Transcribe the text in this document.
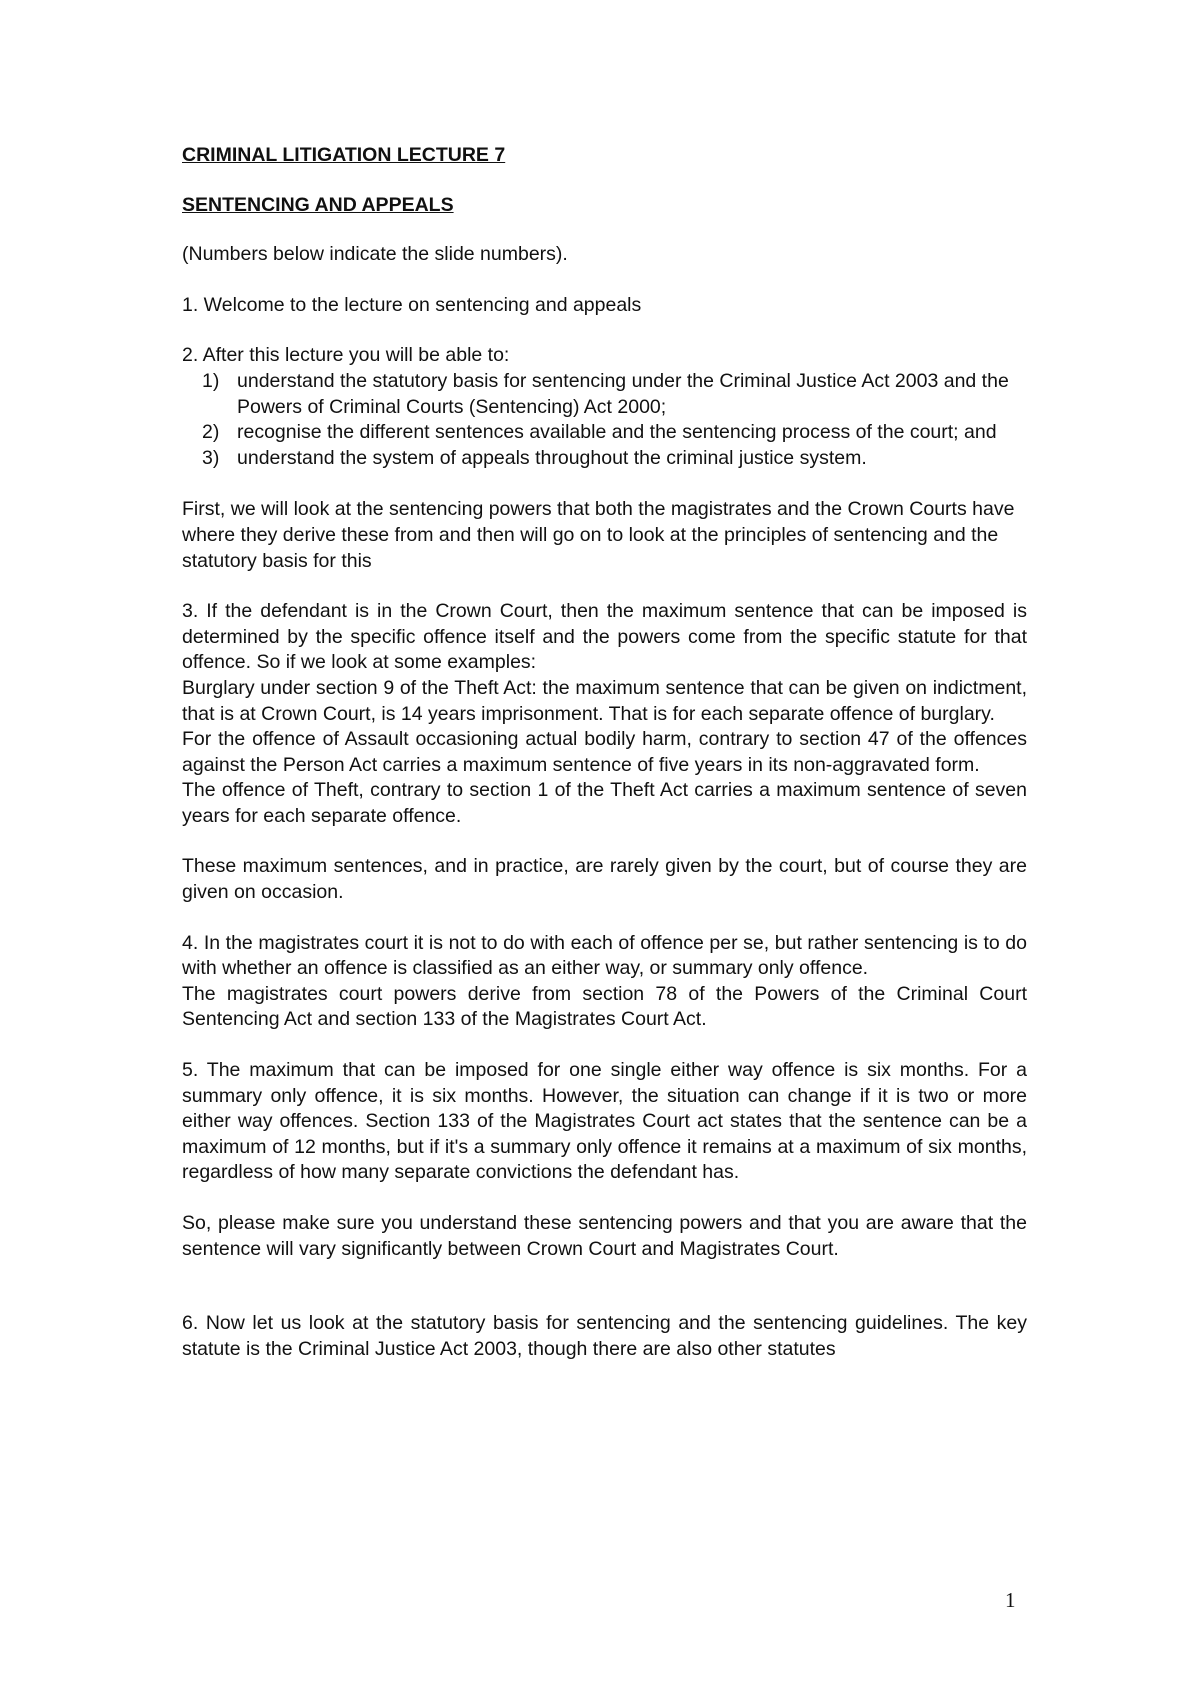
CRIMINAL LITIGATION LECTURE 7

SENTENCING AND APPEALS

(Numbers below indicate the slide numbers).

1. Welcome to the lecture on sentencing and appeals

2. After this lecture you will be able to:

1) understand the statutory basis for sentencing under the Criminal Justice Act 2003 and the Powers of Criminal Courts (Sentencing) Act 2000;
2) recognise the different sentences available and the sentencing process of the court; and
3) understand the system of appeals throughout the criminal justice system.

First, we will look at the sentencing powers that both the magistrates and the Crown Courts have where they derive these from and then will go on to look at the principles of sentencing and the statutory basis for this

3. If the defendant is in the Crown Court, then the maximum sentence that can be imposed is determined by the specific offence itself and the powers come from the specific statute for that offence. So if we look at some examples:

Burglary under section 9 of the Theft Act: the maximum sentence that can be given on indictment, that is at Crown Court, is 14 years imprisonment. That is for each separate offence of burglary.

For the offence of Assault occasioning actual bodily harm, contrary to section 47 of the offences against the Person Act carries a maximum sentence of five years in its non-aggravated form.

The offence of Theft, contrary to section 1 of the Theft Act carries a maximum sentence of seven years for each separate offence.

These maximum sentences, and in practice, are rarely given by the court, but of course they are given on occasion.

4. In the magistrates court it is not to do with each of offence per se, but rather sentencing is to do with whether an offence is classified as an either way, or summary only offence.

The magistrates court powers derive from section 78 of the Powers of the Criminal Court Sentencing Act and section 133 of the Magistrates Court Act.

5. The maximum that can be imposed for one single either way offence is six months. For a summary only offence, it is six months. However, the situation can change if it is two or more either way offences. Section 133 of the Magistrates Court act states that the sentence can be a maximum of 12 months, but if it's a summary only offence it remains at a maximum of six months, regardless of how many separate convictions the defendant has.

So, please make sure you understand these sentencing powers and that you are aware that the sentence will vary significantly between Crown Court and Magistrates Court.

6. Now let us look at the statutory basis for sentencing and the sentencing guidelines. The key statute is the Criminal Justice Act 2003, though there are also other statutes

1
